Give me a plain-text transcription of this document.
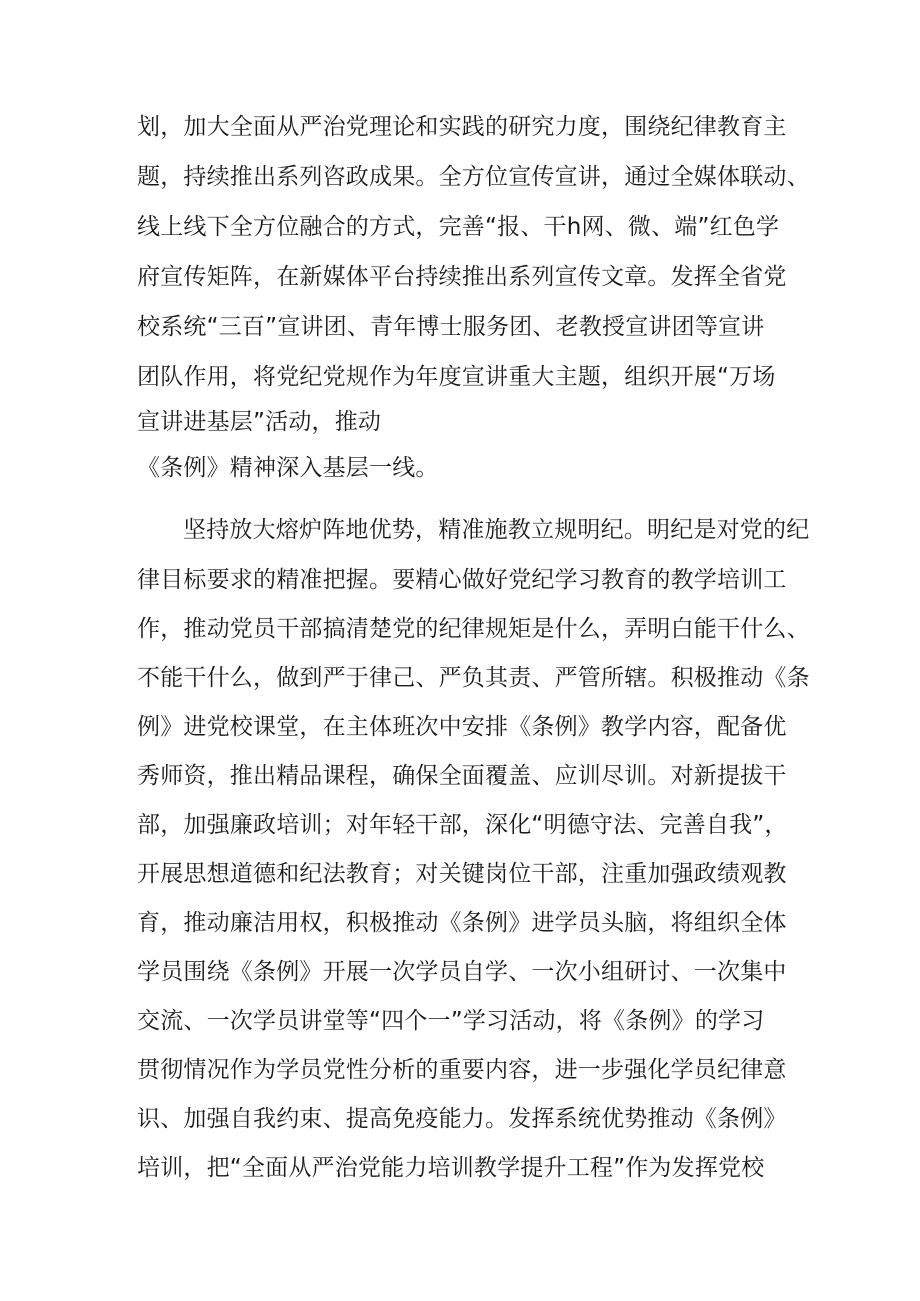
划，加大全面从严治党理论和实践的研究力度，围绕纪律教育主

题，持续推出系列咨政成果。全方位宣传宣讲，通过全媒体联动、

线上线下全方位融合的方式，完善“报、干h网、微、端”红色学

府宣传矩阵，在新媒体平台持续推出系列宣传文章。发挥全省党

校系统“三百”宣讲团、青年博士服务团、老教授宣讲团等宣讲

团队作用，将党纪党规作为年度宣讲重大主题，组织开展“万场

宣讲进基层”活动，推动

《条例》精神深入基层一线。

坚持放大熔炉阵地优势，精准施教立规明纪。明纪是对党的纪

律目标要求的精准把握。要精心做好党纪学习教育的教学培训工

作，推动党员干部搞清楚党的纪律规矩是什么，弄明白能干什么、

不能干什么，做到严于律己、严负其责、严管所辖。积极推动《条

例》进党校课堂，在主体班次中安排《条例》教学内容，配备优

秀师资，推出精品课程，确保全面覆盖、应训尽训。对新提拔干

部，加强廉政培训；对年轻干部，深化“明德守法、完善自我”，

开展思想道德和纪法教育；对关键岗位干部，注重加强政绩观教

育，推动廉洁用权，积极推动《条例》进学员头脑，将组织全体

学员围绕《条例》开展一次学员自学、一次小组研讨、一次集中

交流、一次学员讲堂等“四个一”学习活动，将《条例》的学习

贯彻情况作为学员党性分析的重要内容，进一步强化学员纪律意

识、加强自我约束、提高免疫能力。发挥系统优势推动《条例》

培训，把“全面从严治党能力培训教学提升工程”作为发挥党校
